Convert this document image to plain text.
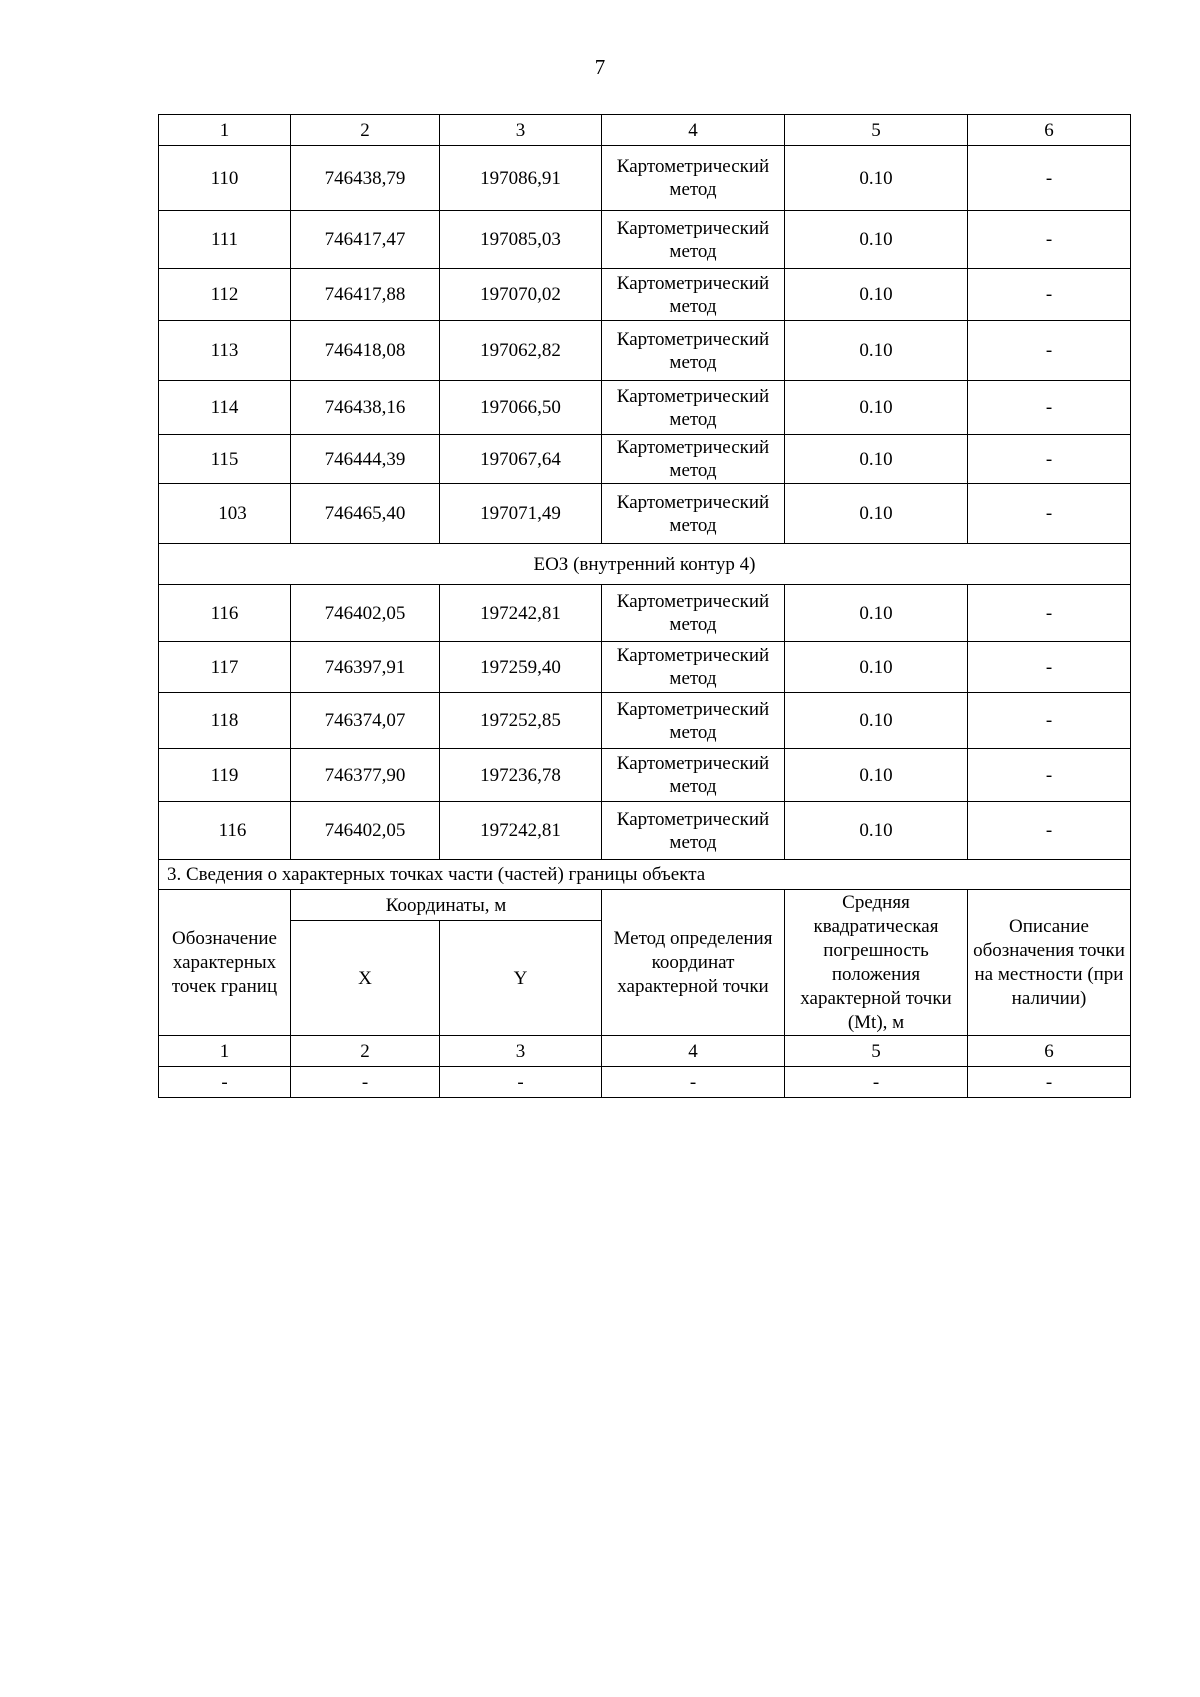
7
1	2	3	4	5	6
110	746438,79	197086,91	Картометрический метод	0.10	-
111	746417,47	197085,03	Картометрический метод	0.10	-
112	746417,88	197070,02	Картометрический метод	0.10	-
113	746418,08	197062,82	Картометрический метод	0.10	-
114	746438,16	197066,50	Картометрический метод	0.10	-
115	746444,39	197067,64	Картометрический метод	0.10	-
103	746465,40	197071,49	Картометрический метод	0.10	-
ЕОЗ (внутренний контур 4)					
116	746402,05	197242,81	Картометрический метод	0.10	-
117	746397,91	197259,40	Картометрический метод	0.10	-
118	746374,07	197252,85	Картометрический метод	0.10	-
119	746377,90	197236,78	Картометрический метод	0.10	-
116	746402,05	197242,81	Картометрический метод	0.10	-
3. Сведения о характерных точках части (частей) границы объекта					
Обозначение характерных точек границ	Координаты, м		Метод определения координат характерной точки	Средняя квадратическая погрешность положения характерной точки (Mt), м	Описание обозначения точки на местности (при наличии)
	X	Y			
1	2	3	4	5	6
-	-	-	-	-	-
